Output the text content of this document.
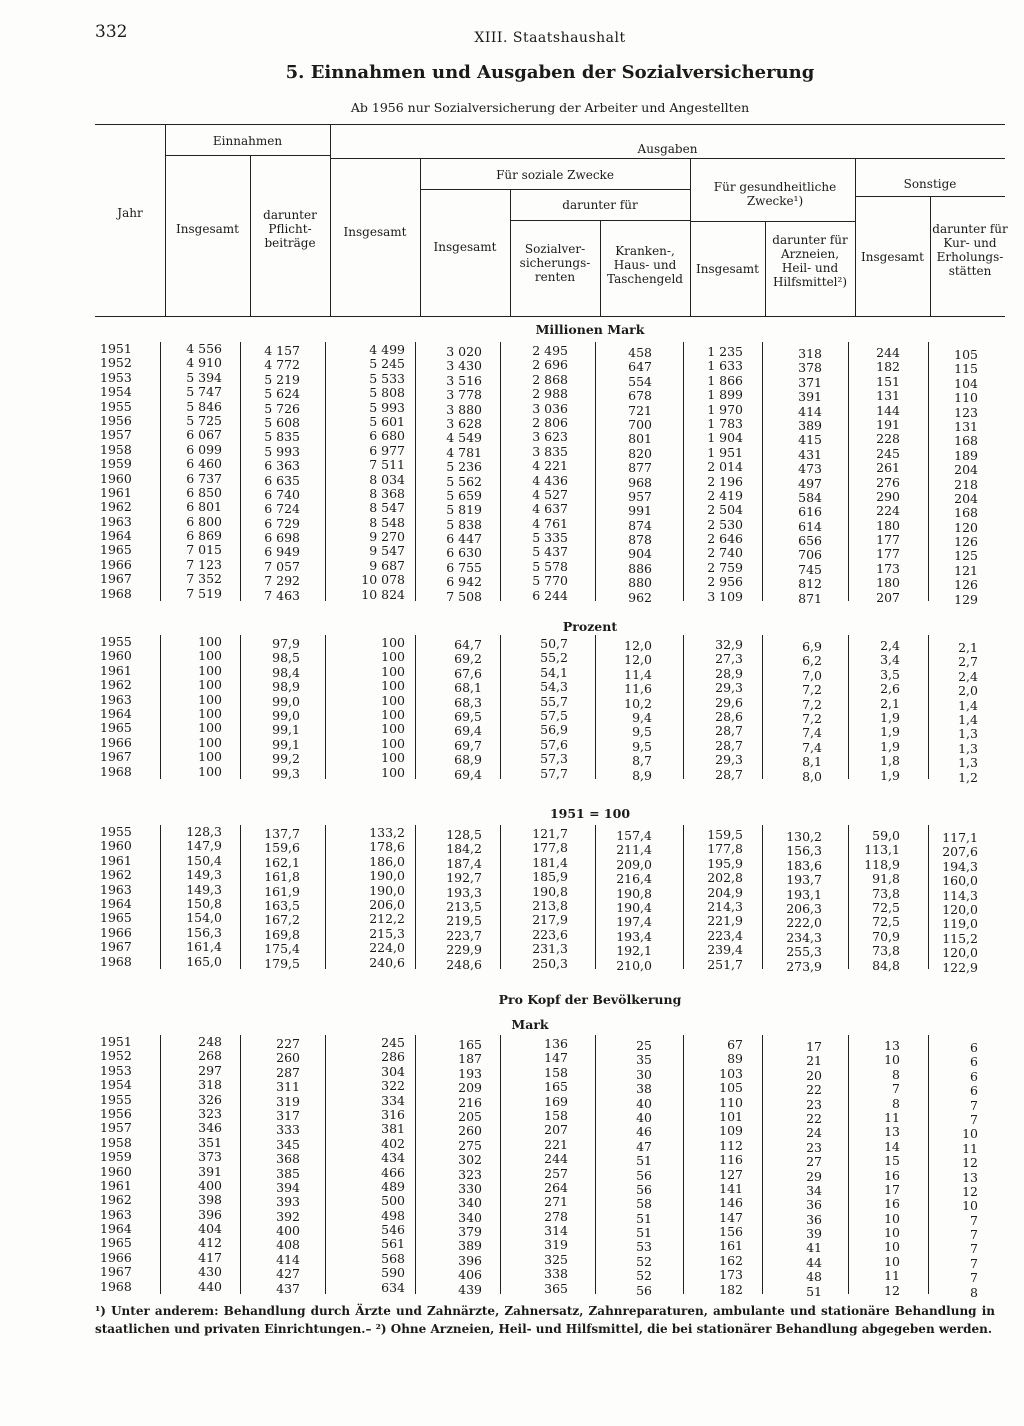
332	XIII. Staatshaushalt
5. Einnahmen und Ausgaben der Sozialversicherung
Ab 1956 nur Sozialversicherung der Arbeiter und Angestellten
Jahr
Einnahmen
Insgesamt
darunter Pflicht-beiträge
Ausgaben
Insgesamt
Für soziale Zwecke
Insgesamt
darunter für
Sozialver-sicherungs-renten
Kranken-, Haus- und Taschengeld
Für gesundheitliche Zwecke¹)
Insgesamt
darunter für Arzneien, Heil- und Hilfsmittel²)
Sonstige
Insgesamt
darunter für Kur- und Erholungs-stätten
Millionen Mark
1951
1952
1953
1954
1955
1956
1957
1958
1959
1960
1961
1962
1963
1964
1965
1966
1967
1968
4 556
4 910
5 394
5 747
5 846
5 725
6 067
6 099
6 460
6 737
6 850
6 801
6 800
6 869
7 015
7 123
7 352
7 519
4 157
4 772
5 219
5 624
5 726
5 608
5 835
5 993
6 363
6 635
6 740
6 724
6 729
6 698
6 949
7 057
7 292
7 463
4 499
5 245
5 533
5 808
5 993
5 601
6 680
6 977
7 511
8 034
8 368
8 547
8 548
9 270
9 547
9 687
10 078
10 824
3 020
3 430
3 516
3 778
3 880
3 628
4 549
4 781
5 236
5 562
5 659
5 819
5 838
6 447
6 630
6 755
6 942
7 508
2 495
2 696
2 868
2 988
3 036
2 806
3 623
3 835
4 221
4 436
4 527
4 637
4 761
5 335
5 437
5 578
5 770
6 244
458
647
554
678
721
700
801
820
877
968
957
991
874
878
904
886
880
962
1 235
1 633
1 866
1 899
1 970
1 783
1 904
1 951
2 014
2 196
2 419
2 504
2 530
2 646
2 740
2 759
2 956
3 109
318
378
371
391
414
389
415
431
473
497
584
616
614
656
706
745
812
871
244
182
151
131
144
191
228
245
261
276
290
224
180
177
177
173
180
207
105
115
104
110
123
131
168
189
204
218
204
168
120
126
125
121
126
129
Prozent
1955
1960
1961
1962
1963
1964
1965
1966
1967
1968
100
100
100
100
100
100
100
100
100
100
97,9
98,5
98,4
98,9
99,0
99,0
99,1
99,1
99,2
99,3
100
100
100
100
100
100
100
100
100
100
64,7
69,2
67,6
68,1
68,3
69,5
69,4
69,7
68,9
69,4
50,7
55,2
54,1
54,3
55,7
57,5
56,9
57,6
57,3
57,7
12,0
12,0
11,4
11,6
10,2
9,4
9,5
9,5
8,7
8,9
32,9
27,3
28,9
29,3
29,6
28,6
28,7
28,7
29,3
28,7
6,9
6,2
7,0
7,2
7,2
7,2
7,4
7,4
8,1
8,0
2,4
3,4
3,5
2,6
2,1
1,9
1,9
1,9
1,8
1,9
2,1
2,7
2,4
2,0
1,4
1,4
1,3
1,3
1,3
1,2
1951 = 100
1955
1960
1961
1962
1963
1964
1965
1966
1967
1968
128,3
147,9
150,4
149,3
149,3
150,8
154,0
156,3
161,4
165,0
137,7
159,6
162,1
161,8
161,9
163,5
167,2
169,8
175,4
179,5
133,2
178,6
186,0
190,0
190,0
206,0
212,2
215,3
224,0
240,6
128,5
184,2
187,4
192,7
193,3
213,5
219,5
223,7
229,9
248,6
121,7
177,8
181,4
185,9
190,8
213,8
217,9
223,6
231,3
250,3
157,4
211,4
209,0
216,4
190,8
190,4
197,4
193,4
192,1
210,0
159,5
177,8
195,9
202,8
204,9
214,3
221,9
223,4
239,4
251,7
130,2
156,3
183,6
193,7
193,1
206,3
222,0
234,3
255,3
273,9
59,0
113,1
118,9
91,8
73,8
72,5
72,5
70,9
73,8
84,8
117,1
207,6
194,3
160,0
114,3
120,0
119,0
115,2
120,0
122,9
Pro Kopf der Bevölkerung
Mark
1951
1952
1953
1954
1955
1956
1957
1958
1959
1960
1961
1962
1963
1964
1965
1966
1967
1968
248
268
297
318
326
323
346
351
373
391
400
398
396
404
412
417
430
440
227
260
287
311
319
317
333
345
368
385
394
393
392
400
408
414
427
437
245
286
304
322
334
316
381
402
434
466
489
500
498
546
561
568
590
634
165
187
193
209
216
205
260
275
302
323
330
340
340
379
389
396
406
439
136
147
158
165
169
158
207
221
244
257
264
271
278
314
319
325
338
365
25
35
30
38
40
40
46
47
51
56
56
58
51
51
53
52
52
56
67
89
103
105
110
101
109
112
116
127
141
146
147
156
161
162
173
182
17
21
20
22
23
22
24
23
27
29
34
36
36
39
41
44
48
51
13
10
8
7
8
11
13
14
15
16
17
16
10
10
10
10
11
12
6
6
6
6
7
7
10
11
12
13
12
10
7
7
7
7
7
8
¹) Unter anderem: Behandlung durch Ärzte und Zahnärzte, Zahnersatz, Zahnreparaturen, ambulante und stationäre Behandlung in staatlichen und privaten Einrichtungen.– ²) Ohne Arzneien, Heil- und Hilfsmittel, die bei stationärer Behandlung abgegeben werden.
